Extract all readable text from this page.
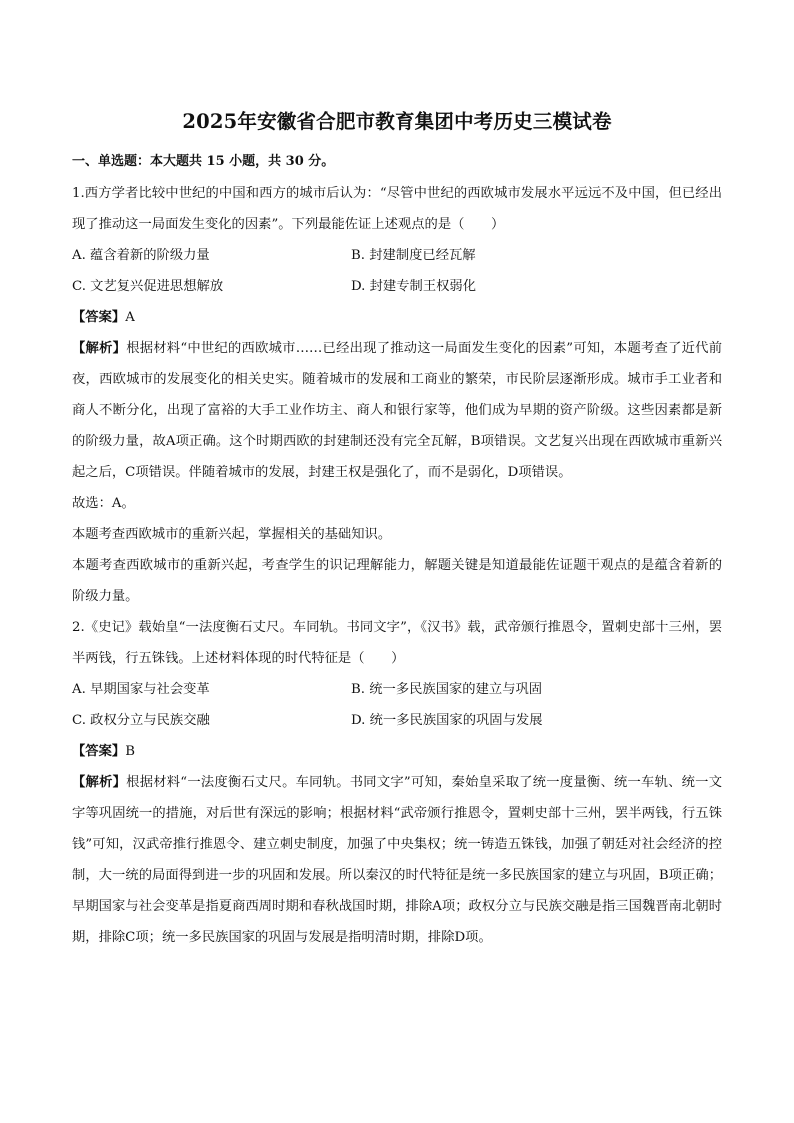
2025年安徽省合肥市教育集团中考历史三模试卷
一、单选题：本大题共 15 小题，共 30 分。

1.西方学者比较中世纪的中国和西方的城市后认为：“尽管中世纪的西欧城市发展水平远远不及中国，但已经出现了推动这一局面发生变化的因素”。下列最能佐证上述观点的是（　　）

A. 蕴含着新的阶级力量	B. 封建制度已经瓦解
C. 文艺复兴促进思想解放	D. 封建专制王权弱化

【 答案 】 A

【 解析 】 根据材料“中世纪的西欧城市……已经出现了推动这一局面发生变化的因素”可知，本题考查了近代前夜，西欧城市的发展变化的相关史实。随着城市的发展和工商业的繁荣，市民阶层逐渐形成。城市手工业者和商人不断分化，出现了富裕的大手工业作坊主、商人和银行家等，他们成为早期的资产阶级。这些因素都是新的阶级力量，故A项正确。这个时期西欧的封建制还没有完全瓦解，B项错误。文艺复兴出现在西欧城市重新兴起之后，C项错误。伴随着城市的发展，封建王权是强化了，而不是弱化，D项错误。

故选：A。

本题考查西欧城市的重新兴起，掌握相关的基础知识。

本题考查西欧城市的重新兴起，考查学生的识记理解能力，解题关键是知道最能佐证题干观点的是蕴含着新的阶级力量。

2.《史记》载始皇“一法度衡石丈尺。车同轨。书同文字”，《汉书》载，武帝颁行推恩令，置刺史部十三州，罢半两钱，行五铢钱。上述材料体现的时代特征是（　　）

A. 早期国家与社会变革	B. 统一多民族国家的建立与巩固
C. 政权分立与民族交融	D. 统一多民族国家的巩固与发展

【 答案 】 B

【 解析 】 根据材料“一法度衡石丈尺。车同轨。书同文字”可知，秦始皇采取了统一度量衡、统一车轨、统一文字等巩固统一的措施，对后世有深远的影响；根据材料“武帝颁行推恩令，置刺史部十三州，罢半两钱，行五铢钱”可知，汉武帝推行推恩令、建立刺史制度，加强了中央集权；统一铸造五铢钱，加强了朝廷对社会经济的控制，大一统的局面得到进一步的巩固和发展。所以秦汉的时代特征是统一多民族国家的建立与巩固，B项正确；早期国家与社会变革是指夏商西周时期和春秋战国时期，排除A项；政权分立与民族交融是指三国魏晋南北朝时期，排除C项；统一多民族国家的巩固与发展是指明清时期，排除D项。
